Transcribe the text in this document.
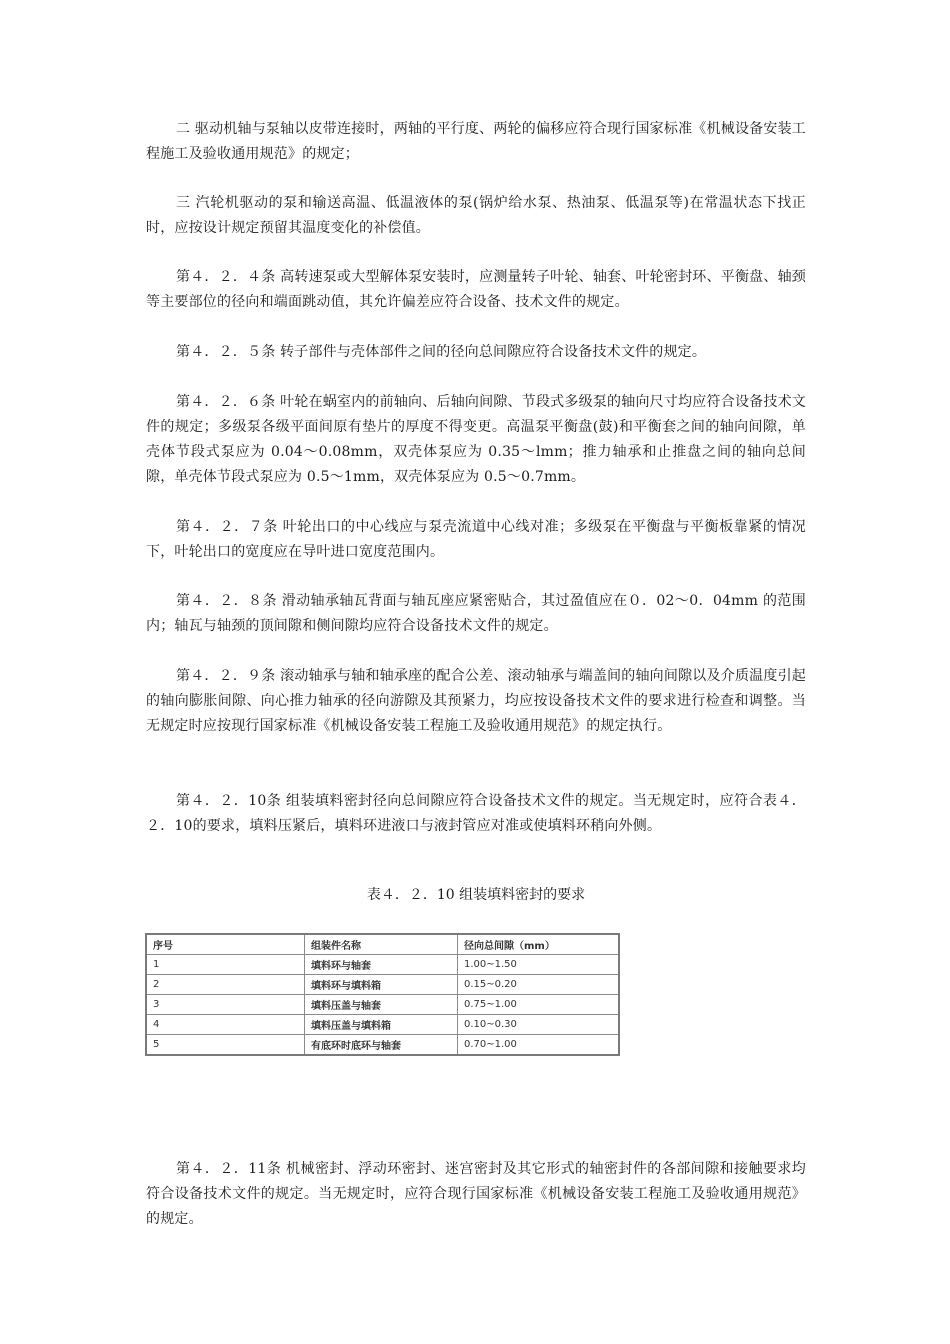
二 驱动机轴与泵轴以皮带连接时，两轴的平行度、两轮的偏移应符合现行国家标准《机械设备安装工程施工及验收通用规范》的规定；

三 汽轮机驱动的泵和输送高温、低温液体的泵(锅炉给水泵、热油泵、低温泵等)在常温状态下找正时，应按设计规定预留其温度变化的补偿值。

第４．２．４条 高转速泵或大型解体泵安装时，应测量转子叶轮、轴套、叶轮密封环、平衡盘、轴颈等主要部位的径向和端面跳动值，其允许偏差应符合设备、技术文件的规定。

第４．２．５条 转子部件与壳体部件之间的径向总间隙应符合设备技术文件的规定。

第４．２．６条 叶轮在蜗室内的前轴向、后轴向间隙、节段式多级泵的轴向尺寸均应符合设备技术文件的规定；多级泵各级平面间原有垫片的厚度不得变更。高温泵平衡盘(鼓)和平衡套之间的轴向间隙，单壳体节段式泵应为 0.04～0.08mm，双壳体泵应为 0.35～lmm；推力轴承和止推盘之间的轴向总间隙，单壳体节段式泵应为 0.5～1mm，双壳体泵应为 0.5～0.7mm。

第４．２．７条 叶轮出口的中心线应与泵壳流道中心线对准；多级泵在平衡盘与平衡板靠紧的情况下，叶轮出口的宽度应在导叶进口宽度范围内。

第４．２．８条 滑动轴承轴瓦背面与轴瓦座应紧密贴合，其过盈值应在０．02～0．04mm 的范围内；轴瓦与轴颈的顶间隙和侧间隙均应符合设备技术文件的规定。

第４．２．９条 滚动轴承与轴和轴承座的配合公差、滚动轴承与端盖间的轴向间隙以及介质温度引起的轴向膨胀间隙、向心推力轴承的径向游隙及其预紧力，均应按设备技术文件的要求进行检查和调整。当无规定时应按现行国家标准《机械设备安装工程施工及验收通用规范》的规定执行。

第４．２．10条 组装填料密封径向总间隙应符合设备技术文件的规定。当无规定时，应符合表４．２．10的要求，填料压紧后，填料环进液口与液封管应对准或使填料环稍向外侧。

表４．２．10 组装填料密封的要求

序号	组装件名称	径向总间隙（mm）
1	填料环与轴套	1.00~1.50
2	填料环与填料箱	0.15~0.20
3	填料压盖与轴套	0.75~1.00
4	填料压盖与填料箱	0.10~0.30
5	有底环时底环与轴套	0.70~1.00

第４．２．11条 机械密封、浮动环密封、迷宫密封及其它形式的轴密封件的各部间隙和接触要求均符合设备技术文件的规定。当无规定时，应符合现行国家标准《机械设备安装工程施工及验收通用规范》的规定。
